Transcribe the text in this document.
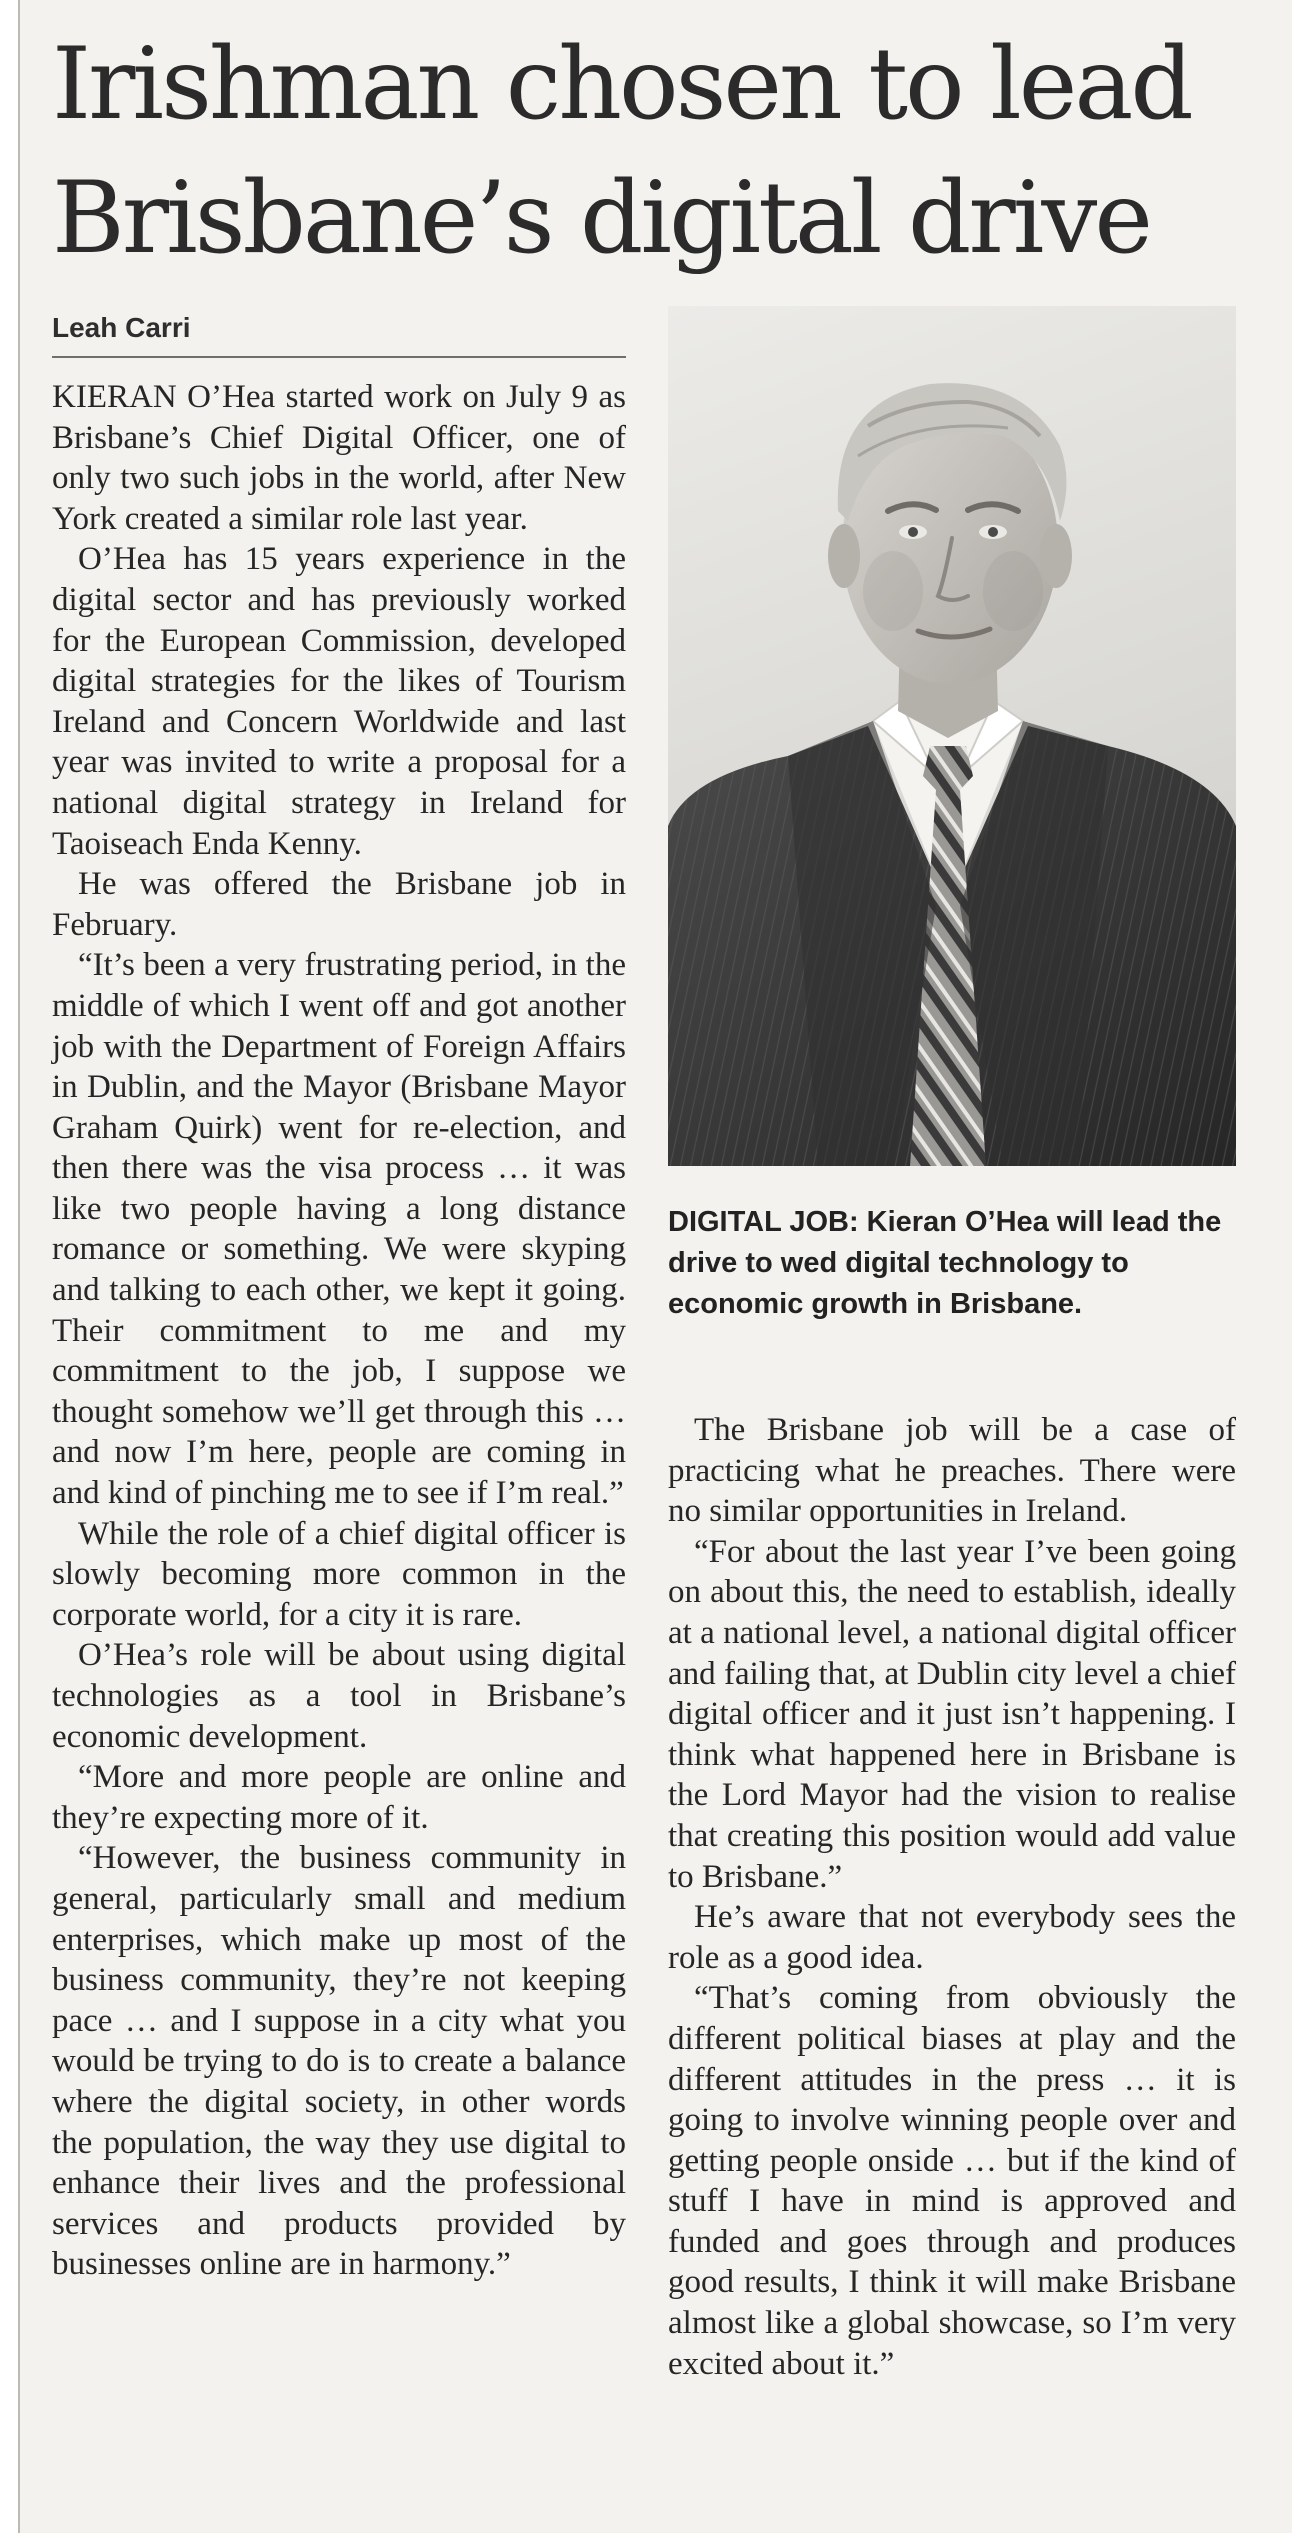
Irishman chosen to lead
Brisbane’s digital drive
Leah Carri

KIERAN O’Hea started work on July 9 as Brisbane’s Chief Digital Officer, one of only two such jobs in the world, after New York created a similar role last year.

O’Hea has 15 years experience in the digital sector and has previously worked for the European Commission, developed digital strategies for the likes of Tourism Ireland and Concern Worldwide and last year was invited to write a proposal for a national digital strategy in Ireland for Taoiseach Enda Kenny.

He was offered the Brisbane job in February.

“It’s been a very frustrating period, in the middle of which I went off and got another job with the Department of Foreign Affairs in Dublin, and the Mayor (Brisbane Mayor Graham Quirk) went for re-election, and then there was the visa process … it was like two people having a long distance romance or something. We were skyping and talking to each other, we kept it going. Their commitment to me and my commitment to the job, I suppose we thought somehow we’ll get through this … and now I’m here, people are coming in and kind of pinching me to see if I’m real.”

While the role of a chief digital officer is slowly becoming more common in the corporate world, for a city it is rare.

O’Hea’s role will be about using digital technologies as a tool in Brisbane’s economic development.

“More and more people are online and they’re expecting more of it.

“However, the business community in general, particularly small and medium enterprises, which make up most of the business community, they’re not keeping pace … and I suppose in a city what you would be trying to do is to create a balance where the digital society, in other words the population, the way they use digital to enhance their lives and the professional services and products provided by businesses online are in harmony.”

DIGITAL JOB: Kieran O’Hea will lead the drive to wed digital technology to economic growth in Brisbane.

The Brisbane job will be a case of practicing what he preaches. There were no similar opportunities in Ireland.

“For about the last year I’ve been going on about this, the need to establish, ideally at a national level, a national digital officer and failing that, at Dublin city level a chief digital officer and it just isn’t happening. I think what happened here in Brisbane is the Lord Mayor had the vision to realise that creating this position would add value to Brisbane.”

He’s aware that not everybody sees the role as a good idea.

“That’s coming from obviously the different political biases at play and the different attitudes in the press … it is going to involve winning people over and getting people onside … but if the kind of stuff I have in mind is approved and funded and goes through and produces good results, I think it will make Brisbane almost like a global showcase, so I’m very excited about it.”
